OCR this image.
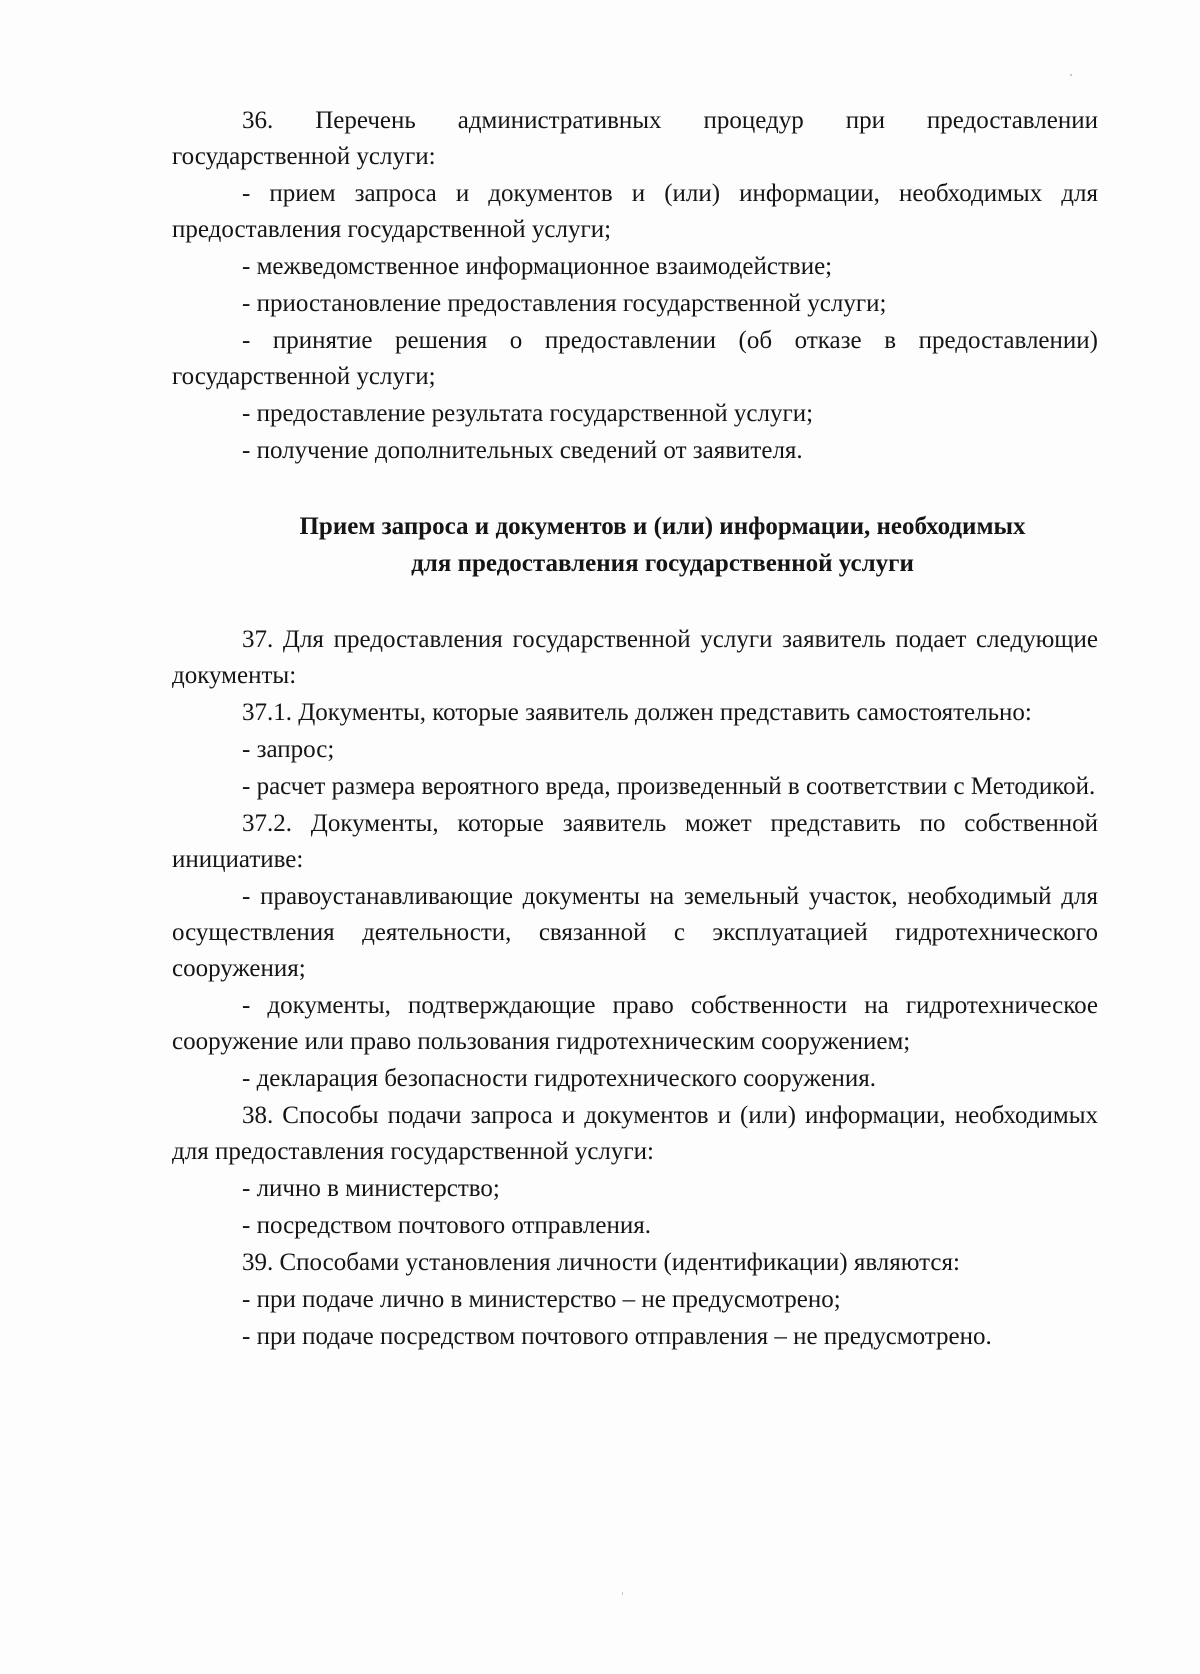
36. Перечень административных процедур при предоставлении государственной услуги:

- прием запроса и документов и (или) информации, необходимых для предоставления государственной услуги;

- межведомственное информационное взаимодействие;

- приостановление предоставления государственной услуги;

- принятие решения о предоставлении (об отказе в предоставлении) государственной услуги;

- предоставление результата государственной услуги;

- получение дополнительных сведений от заявителя.

Прием запроса и документов и (или) информации, необходимых
для предоставления государственной услуги

37. Для предоставления государственной услуги заявитель подает следующие документы:

37.1. Документы, которые заявитель должен представить самостоятельно:

- запрос;

- расчет размера вероятного вреда, произведенный в соответствии с Методикой.

37.2. Документы, которые заявитель может представить по собственной инициативе:

- правоустанавливающие документы на земельный участок, необходимый для осуществления деятельности, связанной с эксплуатацией гидротехнического сооружения;

- документы, подтверждающие право собственности на гидротехническое сооружение или право пользования гидротехническим сооружением;

- декларация безопасности гидротехнического сооружения.

38. Способы подачи запроса и документов и (или) информации, необходимых для предоставления государственной услуги:

- лично в министерство;

- посредством почтового отправления.

39. Способами установления личности (идентификации) являются:

- при подаче лично в министерство – не предусмотрено;

- при подаче посредством почтового отправления – не предусмотрено.
